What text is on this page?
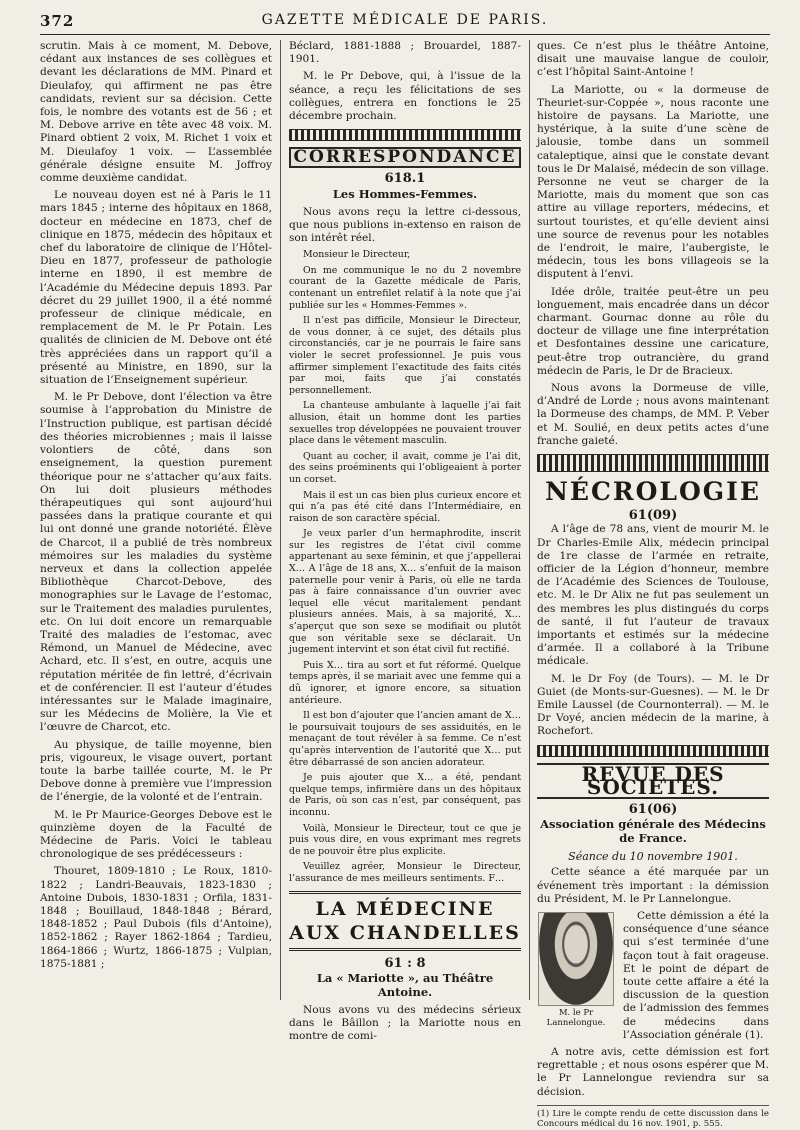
372	GAZETTE MÉDICALE DE PARIS.

scrutin. Mais à ce moment, M. Debove, cédant aux instances de ses collègues et devant les déclarations de MM. Pinard et Dieulafoy, qui affirment ne pas être candidats, revient sur sa décision. Cette fois, le nombre des votants est de 56 ; et M. Debove arrive en tête avec 48 voix. M. Pinard obtient 2 voix, M. Richet 1 voix et M. Dieulafoy 1 voix. — L’assemblée générale désigne ensuite M. Joffroy comme deuxième candidat.

Le nouveau doyen est né à Paris le 11 mars 1845 ; interne des hôpitaux en 1868, docteur en médecine en 1873, chef de clinique en 1875, médecin des hôpitaux et chef du laboratoire de clinique de l’Hôtel-Dieu en 1877, professeur de pathologie interne en 1890, il est membre de l’Académie du Médecine depuis 1893. Par décret du 29 juillet 1900, il a été nommé professeur de clinique médicale, en remplacement de M. le Pr Potain. Les qualités de clinicien de M. Debove ont été très appréciées dans un rapport qu’il a présenté au Ministre, en 1890, sur la situation de l’Enseignement supérieur.

M. le Pr Debove, dont l’élection va être soumise à l’approbation du Ministre de l’Instruction publique, est partisan décidé des théories microbiennes ; mais il laisse volontiers de côté, dans son enseignement, la question purement théorique pour ne s’attacher qu’aux faits. On lui doit plusieurs méthodes thérapeutiques qui sont aujourd’hui passées dans la pratique courante et qui lui ont donné une grande notoriété. Élève de Charcot, il a publié de très nombreux mémoires sur les maladies du système nerveux et dans la collection appelée Bibliothèque Charcot-Debove, des monographies sur le Lavage de l’estomac, sur le Traitement des maladies purulentes, etc. On lui doit encore un remarquable Traité des maladies de l’estomac, avec Rémond, un Manuel de Médecine, avec Achard, etc. Il s’est, en outre, acquis une réputation méritée de fin lettré, d’écrivain et de conférencier. Il est l’auteur d’études intéressantes sur le Malade imaginaire, sur les Médecins de Molière, la Vie et l’œuvre de Charcot, etc.

Au physique, de taille moyenne, bien pris, vigoureux, le visage ouvert, portant toute la barbe taillée courte, M. le Pr Debove donne à première vue l’impression de l’énergie, de la volonté et de l’entrain.

M. le Pr Maurice-Georges Debove est le quinzième doyen de la Faculté de Médecine de Paris. Voici le tableau chronologique de ses prédécesseurs :

Thouret, 1809-1810 ; Le Roux, 1810-1822 ; Landri-Beauvais, 1823-1830 ; Antoine Dubois, 1830-1831 ; Orfila, 1831-1848 ; Bouillaud, 1848-1848 ; Bérard, 1848-1852 ; Paul Dubois (fils d’Antoine), 1852-1862 ; Rayer 1862-1864 ; Tardieu, 1864-1866 ; Wurtz, 1866-1875 ; Vulpian, 1875-1881 ;

Béclard, 1881-1888 ; Brouardel, 1887-1901.

M. le Pr Debove, qui, à l’issue de la séance, a reçu les félicitations de ses collègues, entrera en fonctions le 25 décembre prochain.

CORRESPONDANCE
618.1
Les Hommes-Femmes.

Nous avons reçu la lettre ci-dessous, que nous publions in-extenso en raison de son intérêt réel.

Monsieur le Directeur,

On me communique le no du 2 novembre courant de la Gazette médicale de Paris, contenant un entrefilet relatif à la note que j’ai publiée sur les « Hommes-Femmes ».

Il n’est pas difficile, Monsieur le Directeur, de vous donner, à ce sujet, des détails plus circonstanciés, car je ne pourrais le faire sans violer le secret professionnel. Je puis vous affirmer simplement l’exactitude des faits cités par moi, faits que j’ai constatés personnellement.

La chanteuse ambulante à laquelle j’ai fait allusion, était un homme dont les parties sexuelles trop développées ne pouvaient trouver place dans le vêtement masculin.

Quant au cocher, il avait, comme je l’ai dit, des seins proéminents qui l’obligeaient à porter un corset.

Mais il est un cas bien plus curieux encore et qui n’a pas été cité dans l’Intermédiaire, en raison de son caractère spécial.

Je veux parler d’un hermaphrodite, inscrit sur les registres de l’état civil comme appartenant au sexe féminin, et que j’appellerai X… A l’âge de 18 ans, X… s’enfuit de la maison paternelle pour venir à Paris, où elle ne tarda pas à faire connaissance d’un ouvrier avec lequel elle vécut maritalement pendant plusieurs années. Mais, à sa majorité, X… s’aperçut que son sexe se modifiait ou plutôt que son véritable sexe se déclarait. Un jugement intervint et son état civil fut rectifié.

Puis X… tira au sort et fut réformé. Quelque temps après, il se mariait avec une femme qui a dû ignorer, et ignore encore, sa situation antérieure.

Il est bon d’ajouter que l’ancien amant de X… le poursuivait toujours de ses assiduités, en le menaçant de tout révéler à sa femme. Ce n’est qu’après intervention de l’autorité que X… put être débarrassé de son ancien adorateur.

Je puis ajouter que X… a été, pendant quelque temps, infirmière dans un des hôpitaux de Paris, où son cas n’est, par conséquent, pas inconnu.

Voilà, Monsieur le Directeur, tout ce que je puis vous dire, en vous exprimant mes regrets de ne pouvoir être plus explicite.

Veuillez agréer, Monsieur le Directeur, l’assurance de mes meilleurs sentiments. F…

LA MÉDECINE
AUX CHANDELLES
61 : 8
La « Mariotte », au Théâtre Antoine.

Nous avons vu des médecins sérieux dans le Bâillon ; la Mariotte nous en montre de comi-

ques. Ce n’est plus le théâtre Antoine, disait une mauvaise langue de couloir, c’est l’hôpital Saint-Antoine !

La Mariotte, ou « la dormeuse de Theuriet-sur-Coppée », nous raconte une histoire de paysans. La Mariotte, une hystérique, à la suite d’une scène de jalousie, tombe dans un sommeil cataleptique, ainsi que le constate devant tous le Dr Malaisé, médecin de son village. Personne ne veut se charger de la Mariotte, mais du moment que son cas attire au village reporters, médecins, et surtout touristes, et qu’elle devient ainsi une source de revenus pour les notables de l’endroit, le maire, l’aubergiste, le médecin, tous les bons villageois se la disputent à l’envi.

Idée drôle, traitée peut-être un peu longuement, mais encadrée dans un décor charmant. Gournac donne au rôle du docteur de village une fine interprétation et Desfontaines dessine une caricature, peut-être trop outrancière, du grand médecin de Paris, le Dr de Bracieux.

Nous avons la Dormeuse de ville, d’André de Lorde ; nous avons maintenant la Dormeuse des champs, de MM. P. Veber et M. Soulié, en deux petits actes d’une franche gaieté.

NÉCROLOGIE
61(09)

A l’âge de 78 ans, vient de mourir M. le Dr Charles-Emile Alix, médecin principal de 1re classe de l’armée en retraite, officier de la Légion d’honneur, membre de l’Académie des Sciences de Toulouse, etc. M. le Dr Alix ne fut pas seulement un des membres les plus distingués du corps de santé, il fut l’auteur de travaux importants et estimés sur la médecine d’armée. Il a collaboré à la Tribune médicale.

M. le Dr Foy (de Tours). — M. le Dr Guiet (de Monts-sur-Guesnes). — M. le Dr Emile Laussel (de Cournonterral). — M. le Dr Voyé, ancien médecin de la marine, à Rochefort.

REVUE DES SOCIÉTÉS.
61(06)
Association générale des Médecins de France.
Séance du 10 novembre 1901.

Cette séance a été marquée par un événement très important : la démission du Président, M. le Pr Lannelongue.

M. le Pr Lannelongue.

Cette démission a été la conséquence d’une séance qui s’est terminée d’une façon tout à fait orageuse. Et le point de départ de toute cette affaire a été la discussion de la question de l’admission des femmes de médecins dans l’Association générale (1).

A notre avis, cette démission est fort regrettable ; et nous osons espérer que M. le Pr Lannelongue reviendra sur sa décision.

(1) Lire le compte rendu de cette discussion dans le Concours médical du 16 nov. 1901, p. 555.
